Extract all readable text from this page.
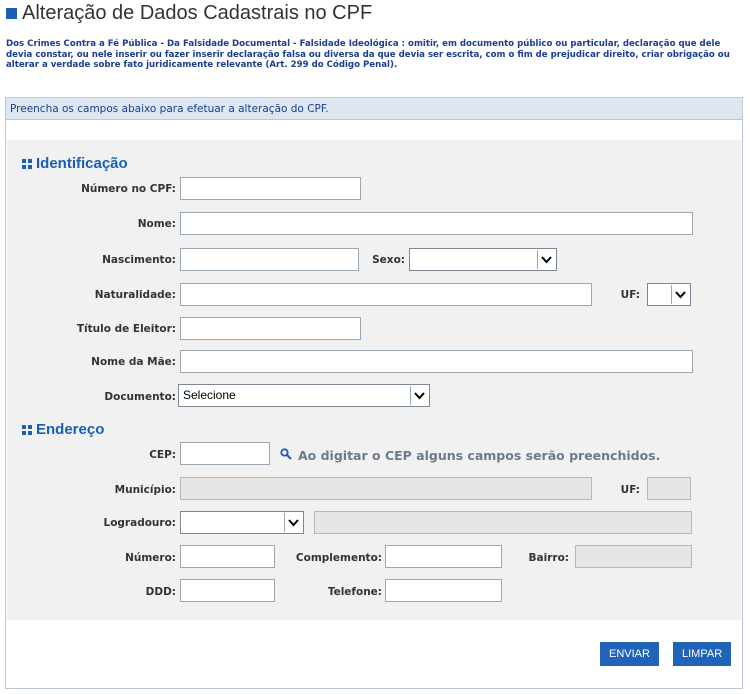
Alteração de Dados Cadastrais no CPF
Dos Crimes Contra a Fé Pública - Da Falsidade Documental - Falsidade Ideológica : omitir, em documento público ou particular, declaração que dele devia constar, ou nele inserir ou fazer inserir declaração falsa ou diversa da que devia ser escrita, com o fim de prejudicar direito, criar obrigação ou alterar a verdade sobre fato juridicamente relevante (Art. 299 do Código Penal).
Preencha os campos abaixo para efetuar a alteração do CPF.
Identificação
Número no CPF:
Nome:
Nascimento:	Sexo:
Naturalidade:	UF:
Título de Eleitor:
Nome da Mãe:
Documento: Selecione
Endereço
CEP:	Ao digitar o CEP alguns campos serão preenchidos.
Município:	UF:
Logradouro:
Número:	Complemento:	Bairro:
DDD:	Telefone:
ENVIAR	LIMPAR
